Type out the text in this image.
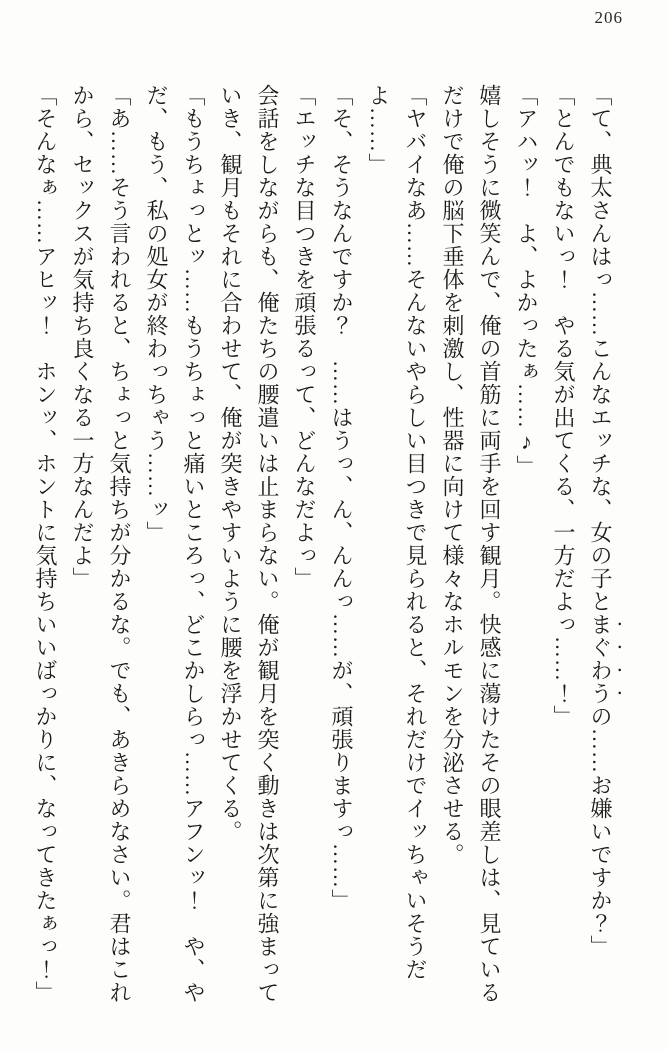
206

「て、典太さんはっ……こんなエッチな、女の子とまぐわうの……お嫌いですか？」

「とんでもないっ！　やる気が出てくる、一方だよっ……！」

「アハッ！　よ、よかったぁ……♪」

嬉しそうに微笑んで、俺の首筋に両手を回す観月。快感に蕩けたその眼差しは、見ているだけで俺の脳下垂体を刺激し、性器に向けて様々なホルモンを分泌させる。

「ヤバイなあ……そんないやらしい目つきで見られると、それだけでイッちゃいそうだよ……」

「そ、そうなんですか？　……はうっ、ん、んんっ……が、頑張りますっ……」

「エッチな目つきを頑張るって、どんなだよっ」

会話をしながらも、俺たちの腰遣いは止まらない。俺が観月を突く動きは次第に強まっていき、観月もそれに合わせて、俺が突きやすいように腰を浮かせてくる。

「もうちょっとッ……もうちょっと痛いところっ、どこかしらっ……アフンッ！　や、やだ、もう、私の処女が終わっちゃう……ッ」

「あ……そう言われると、ちょっと気持ちが分かるな。でも、あきらめなさい。君はこれから、セックスが気持ち良くなる一方なんだよ」

「そんなぁ……アヒッ！　ホンッ、ホントに気持ちいいばっかりに、なってきたぁっ！」
